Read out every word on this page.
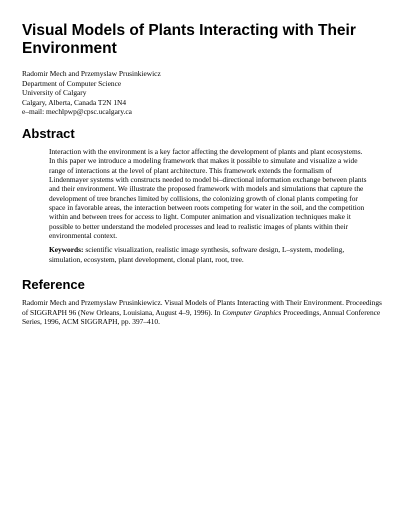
Visual Models of Plants Interacting with Their Environment
Radomir Mech and Przemyslaw Prusinkiewicz
Department of Computer Science
University of Calgary
Calgary, Alberta, Canada T2N 1N4
e–mail: mechlpwp@cpsc.ucalgary.ca
Abstract

Interaction with the environment is a key factor affecting the development of plants and plant ecosystems. In this paper we introduce a modeling framework that makes it possible to simulate and visualize a wide range of interactions at the level of plant architecture. This framework extends the formalism of Lindenmayer systems with constructs needed to model bi–directional information exchange between plants and their environment. We illustrate the proposed framework with models and simulations that capture the development of tree branches limited by collisions, the colonizing growth of clonal plants competing for space in favorable areas, the interaction between roots competing for water in the soil, and the competition within and between trees for access to light. Computer animation and visualization techniques make it possible to better understand the modeled processes and lead to realistic images of plants within their environmental context.

Keywords: scientific visualization, realistic image synthesis, software design, L–system, modeling, simulation, ecosystem, plant development, clonal plant, root, tree.

Reference

Radomir Mech and Przemyslaw Prusinkiewicz. Visual Models of Plants Interacting with Their Environment. Proceedings of SIGGRAPH 96 (New Orleans, Louisiana, August 4–9, 1996). In Computer Graphics Proceedings, Annual Conference Series, 1996, ACM SIGGRAPH, pp. 397–410.
